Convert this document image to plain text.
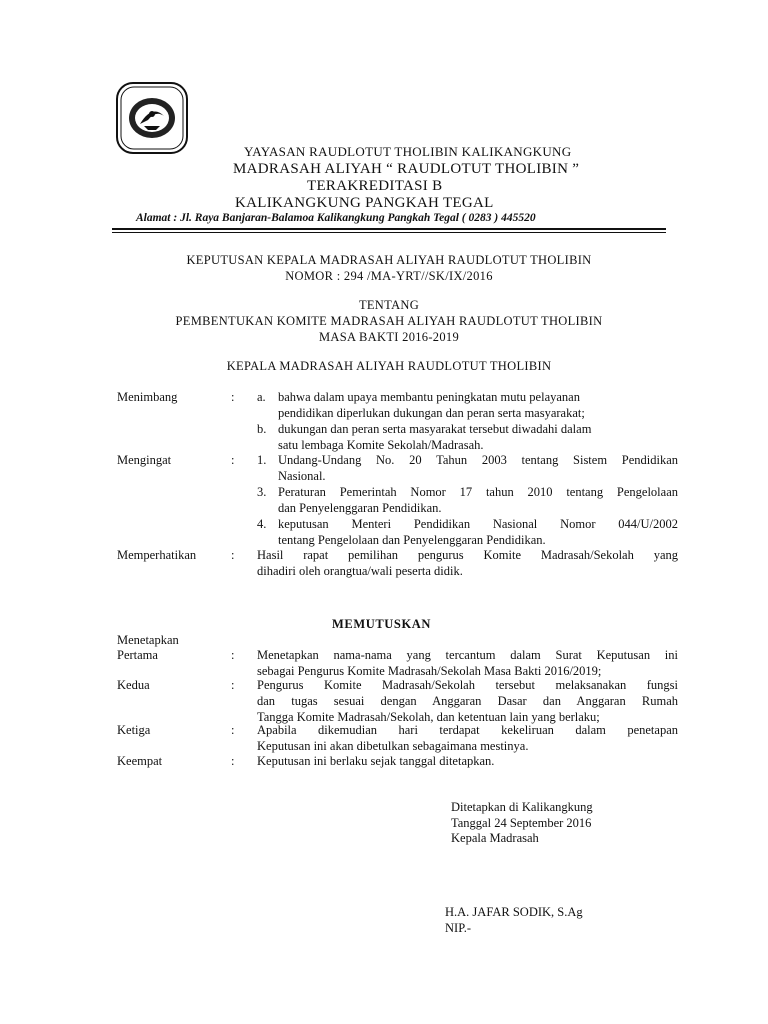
YAYASAN RAUDLOTUT THOLIBIN KALIKANGKUNG
MADRASAH ALIYAH “ RAUDLOTUT THOLIBIN ”
TERAKREDITASI B
KALIKANGKUNG PANGKAH TEGAL
Alamat : Jl. Raya Banjaran-Balamoa Kalikangkung Pangkah Tegal ( 0283 ) 445520
KEPUTUSAN KEPALA MADRASAH ALIYAH RAUDLOTUT THOLIBIN
NOMOR : 294 /MA-YRT//SK/IX/2016
TENTANG
PEMBENTUKAN KOMITE MADRASAH ALIYAH RAUDLOTUT THOLIBIN
MASA BAKTI 2016-2019
KEPALA MADRASAH ALIYAH RAUDLOTUT THOLIBIN
Menimbang	: a. bahwa dalam upaya membantu peningkatan mutu pelayanan
pendidikan diperlukan dukungan dan peran serta masyarakat;
b. dukungan dan peran serta masyarakat tersebut diwadahi dalam
satu lembaga Komite Sekolah/Madrasah.
Mengingat	: 1. Undang-Undang No. 20 Tahun 2003 tentang Sistem Pendidikan
Nasional.
3. Peraturan Pemerintah Nomor 17 tahun 2010 tentang Pengelolaan
dan Penyelenggaran Pendidikan.
4. keputusan Menteri Pendidikan Nasional Nomor 044/U/2002
tentang Pengelolaan dan Penyelenggaran Pendidikan.
Memperhatikan	: Hasil rapat pemilihan pengurus Komite Madrasah/Sekolah yang
dihadiri oleh orangtua/wali peserta didik.
MEMUTUSKAN
Menetapkan
Pertama	: Menetapkan nama-nama yang tercantum dalam Surat Keputusan ini
sebagai Pengurus Komite Madrasah/Sekolah Masa Bakti 2016/2019;
Kedua	: Pengurus Komite Madrasah/Sekolah tersebut melaksanakan fungsi
dan tugas sesuai dengan Anggaran Dasar dan Anggaran Rumah
Tangga Komite Madrasah/Sekolah, dan ketentuan lain yang berlaku;
Ketiga	: Apabila dikemudian hari terdapat kekeliruan dalam penetapan
Keputusan ini akan dibetulkan sebagaimana mestinya.
Keempat	: Keputusan ini berlaku sejak tanggal ditetapkan.
Ditetapkan di Kalikangkung
Tanggal 24 September 2016
Kepala Madrasah
H.A. JAFAR SODIK, S.Ag
NIP.-
